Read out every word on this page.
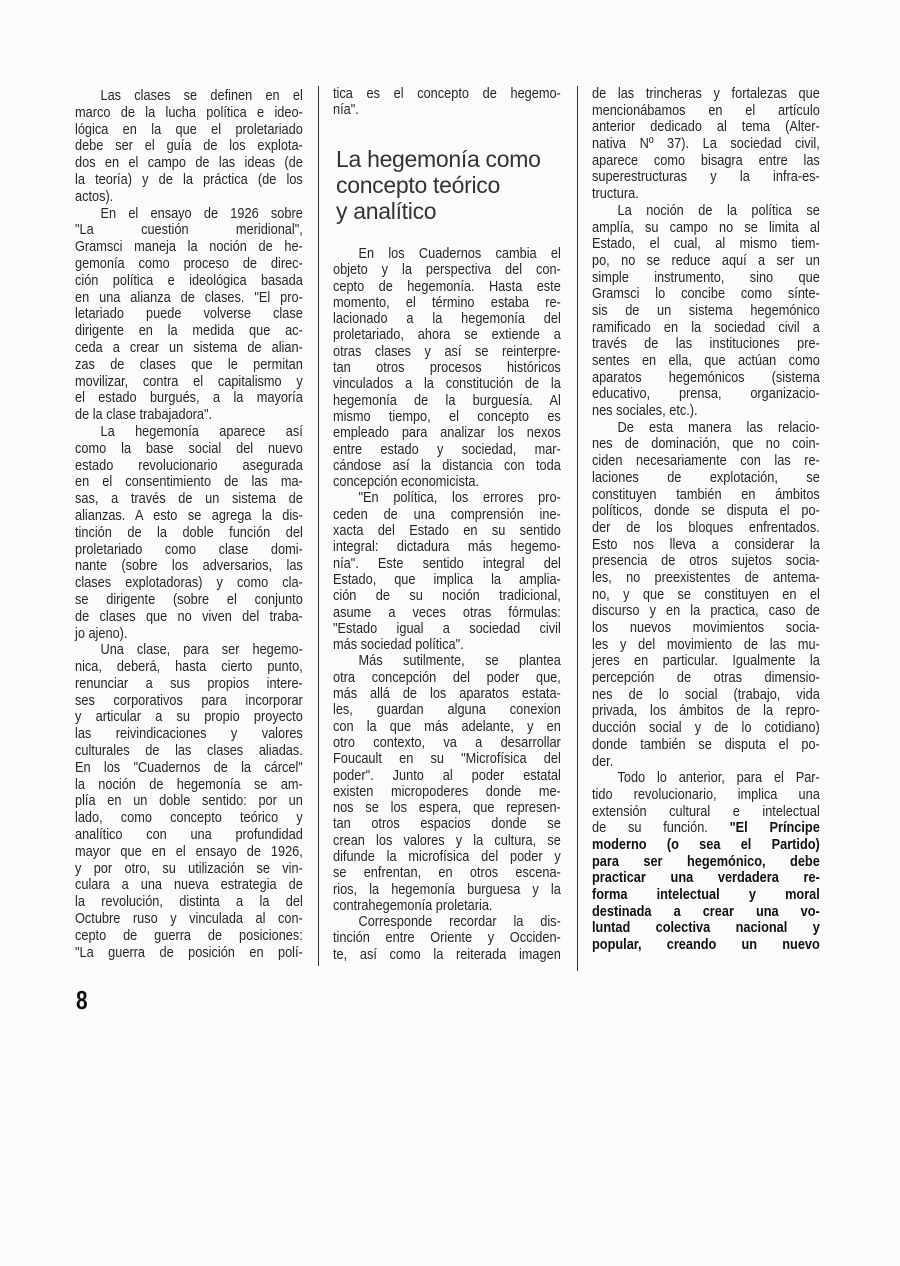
Las clases se definen en el
marco de la lucha política e ideo-
lógica en la que el proletariado
debe ser el guía de los explota-
dos en el campo de las ideas (de
la teoría) y de la práctica (de los
actos).
En el ensayo de 1926 sobre
"La cuestión meridional",
Gramsci maneja la noción de he-
gemonía como proceso de direc-
ción política e ideológica basada
en una alianza de clases. "El pro-
letariado puede volverse clase
dirigente en la medida que ac-
ceda a crear un sistema de alian-
zas de clases que le permitan
movilizar, contra el capitalismo y
el estado burgués, a la mayoría
de la clase trabajadora".
La hegemonía aparece así
como la base social del nuevo
estado revolucionario asegurada
en el consentimiento de las ma-
sas, a través de un sistema de
alianzas. A esto se agrega la dis-
tinción de la doble función del
proletariado como clase domi-
nante (sobre los adversarios, las
clases explotadoras) y como cla-
se dirigente (sobre el conjunto
de clases que no viven del traba-
jo ajeno).
Una clase, para ser hegemo-
nica, deberá, hasta cierto punto,
renunciar a sus propios intere-
ses corporativos para incorporar
y articular a su propio proyecto
las reivindicaciones y valores
culturales de las clases aliadas.
En los "Cuadernos de la cárcel"
la noción de hegemonía se am-
plía en un doble sentido: por un
lado, como concepto teórico y
analítico con una profundidad
mayor que en el ensayo de 1926,
y por otro, su utilización se vin-
culara a una nueva estrategia de
la revolución, distinta a la del
Octubre ruso y vinculada al con-
cepto de guerra de posiciones:
"La guerra de posición en polí-
tica es el concepto de hegemo-
nía".
La hegemonía como
concepto teórico
y analítico
En los Cuadernos cambia el
objeto y la perspectiva del con-
cepto de hegemonía. Hasta este
momento, el término estaba re-
lacionado a la hegemonía del
proletariado, ahora se extiende a
otras clases y así se reinterpre-
tan otros procesos históricos
vinculados a la constitución de la
hegemonía de la burguesía. Al
mismo tiempo, el concepto es
empleado para analizar los nexos
entre estado y sociedad, mar-
cándose así la distancia con toda
concepción economicista.
"En política, los errores pro-
ceden de una comprensión ine-
xacta del Estado en su sentido
integral: dictadura más hegemo-
nía". Este sentido integral del
Estado, que implica la amplia-
ción de su noción tradicional,
asume a veces otras fórmulas:
"Estado igual a sociedad civil
más sociedad política".
Más sutilmente, se plantea
otra concepción del poder que,
más allá de los aparatos estata-
les, guardan alguna conexion
con la que más adelante, y en
otro contexto, va a desarrollar
Foucault en su "Microfísica del
poder". Junto al poder estatal
existen micropoderes donde me-
nos se los espera, que represen-
tan otros espacios donde se
crean los valores y la cultura, se
difunde la microfísica del poder y
se enfrentan, en otros escena-
rios, la hegemonía burguesa y la
contrahegemonía proletaria.
Corresponde recordar la dis-
tinción entre Oriente y Occiden-
te, así como la reiterada imagen
de las trincheras y fortalezas que
mencionábamos en el artículo
anterior dedicado al tema (Alter-
nativa Nº 37). La sociedad civil,
aparece como bisagra entre las
superestructuras y la infra-es-
tructura.
La noción de la política se
amplía, su campo no se limita al
Estado, el cual, al mismo tiem-
po, no se reduce aquí a ser un
simple instrumento, sino que
Gramsci lo concibe como sínte-
sis de un sistema hegemónico
ramificado en la sociedad civil a
través de las instituciones pre-
sentes en ella, que actúan como
aparatos hegemónicos (sistema
educativo, prensa, organizacio-
nes sociales, etc.).
De esta manera las relacio-
nes de dominación, que no coin-
ciden necesariamente con las re-
laciones de explotación, se
constituyen también en ámbitos
políticos, donde se disputa el po-
der de los bloques enfrentados.
Esto nos lleva a considerar la
presencia de otros sujetos socia-
les, no preexistentes de antema-
no, y que se constituyen en el
discurso y en la practica, caso de
los nuevos movimientos socia-
les y del movimiento de las mu-
jeres en particular. Igualmente la
percepción de otras dimensio-
nes de lo social (trabajo, vida
privada, los ámbitos de la repro-
ducción social y de lo cotidiano)
donde también se disputa el po-
der.
Todo lo anterior, para el Par-
tido revolucionario, implica una
extensión cultural e intelectual
de su función. "El Príncipe
moderno (o sea el Partido)
para ser hegemónico, debe
practicar una verdadera re-
forma intelectual y moral
destinada a crear una vo-
luntad colectiva nacional y
popular, creando un nuevo
8
